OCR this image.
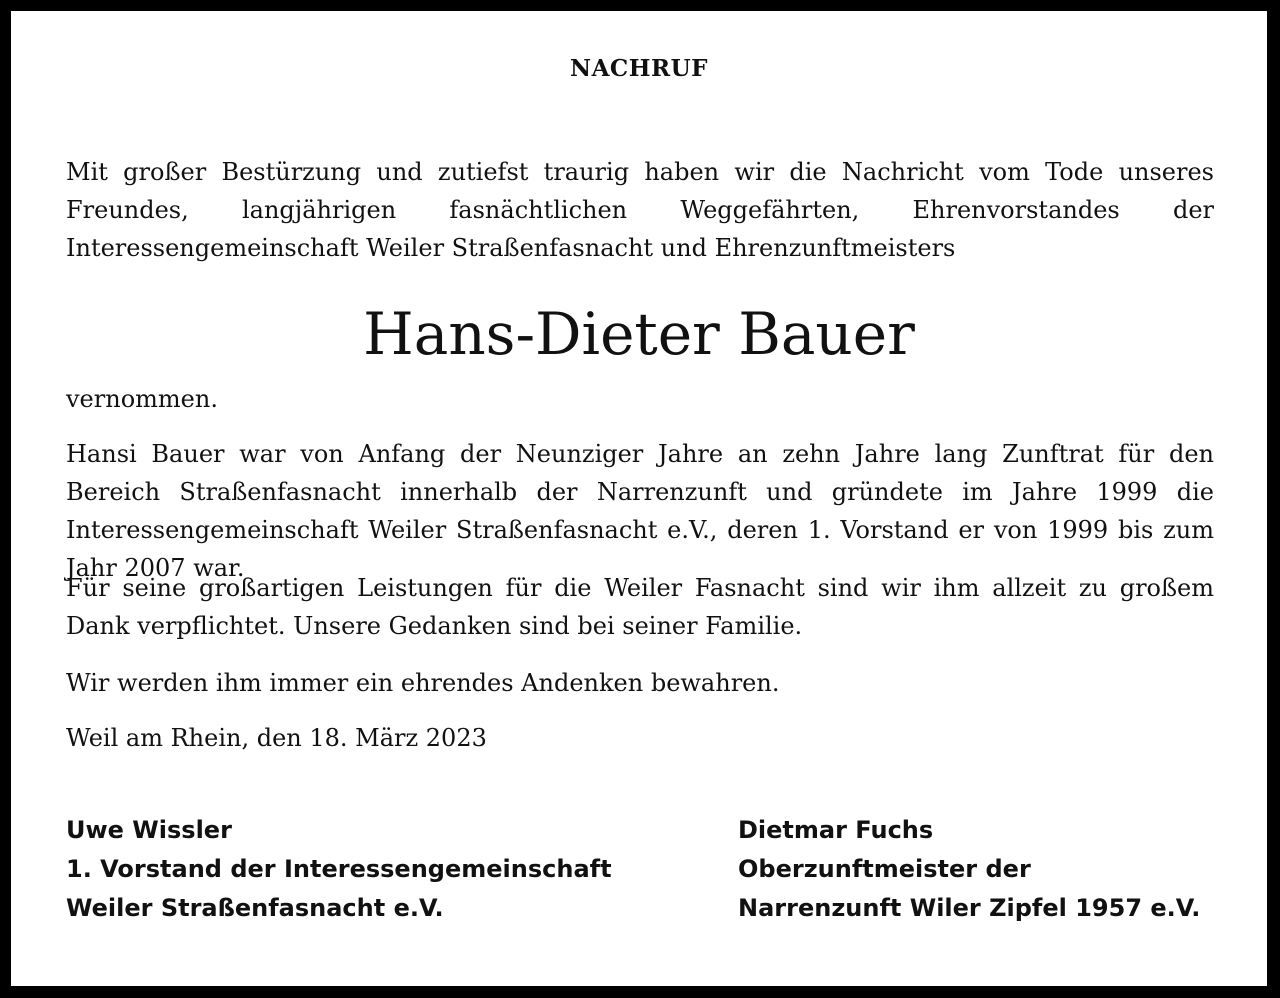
NACHRUF
Mit großer Bestürzung und zutiefst traurig haben wir die Nachricht vom Tode unseres Freundes, langjährigen fasnächtlichen Weggefährten, Ehrenvorstandes der Interessengemeinschaft Weiler Straßenfasnacht und Ehrenzunftmeisters
Hans-Dieter Bauer
vernommen.
Hansi Bauer war von Anfang der Neunziger Jahre an zehn Jahre lang Zunftrat für den Bereich Straßenfasnacht innerhalb der Narrenzunft und gründete im Jahre 1999 die Interessengemeinschaft Weiler Straßenfasnacht e.V., deren 1. Vorstand er von 1999 bis zum Jahr 2007 war.
Für seine großartigen Leistungen für die Weiler Fasnacht sind wir ihm allzeit zu großem Dank verpflichtet. Unsere Gedanken sind bei seiner Familie.
Wir werden ihm immer ein ehrendes Andenken bewahren.
Weil am Rhein, den 18. März 2023
Uwe Wissler
1. Vorstand der Interessengemeinschaft
Weiler Straßenfasnacht e.V.
Dietmar Fuchs
Oberzunftmeister der
Narrenzunft Wiler Zipfel 1957 e.V.
